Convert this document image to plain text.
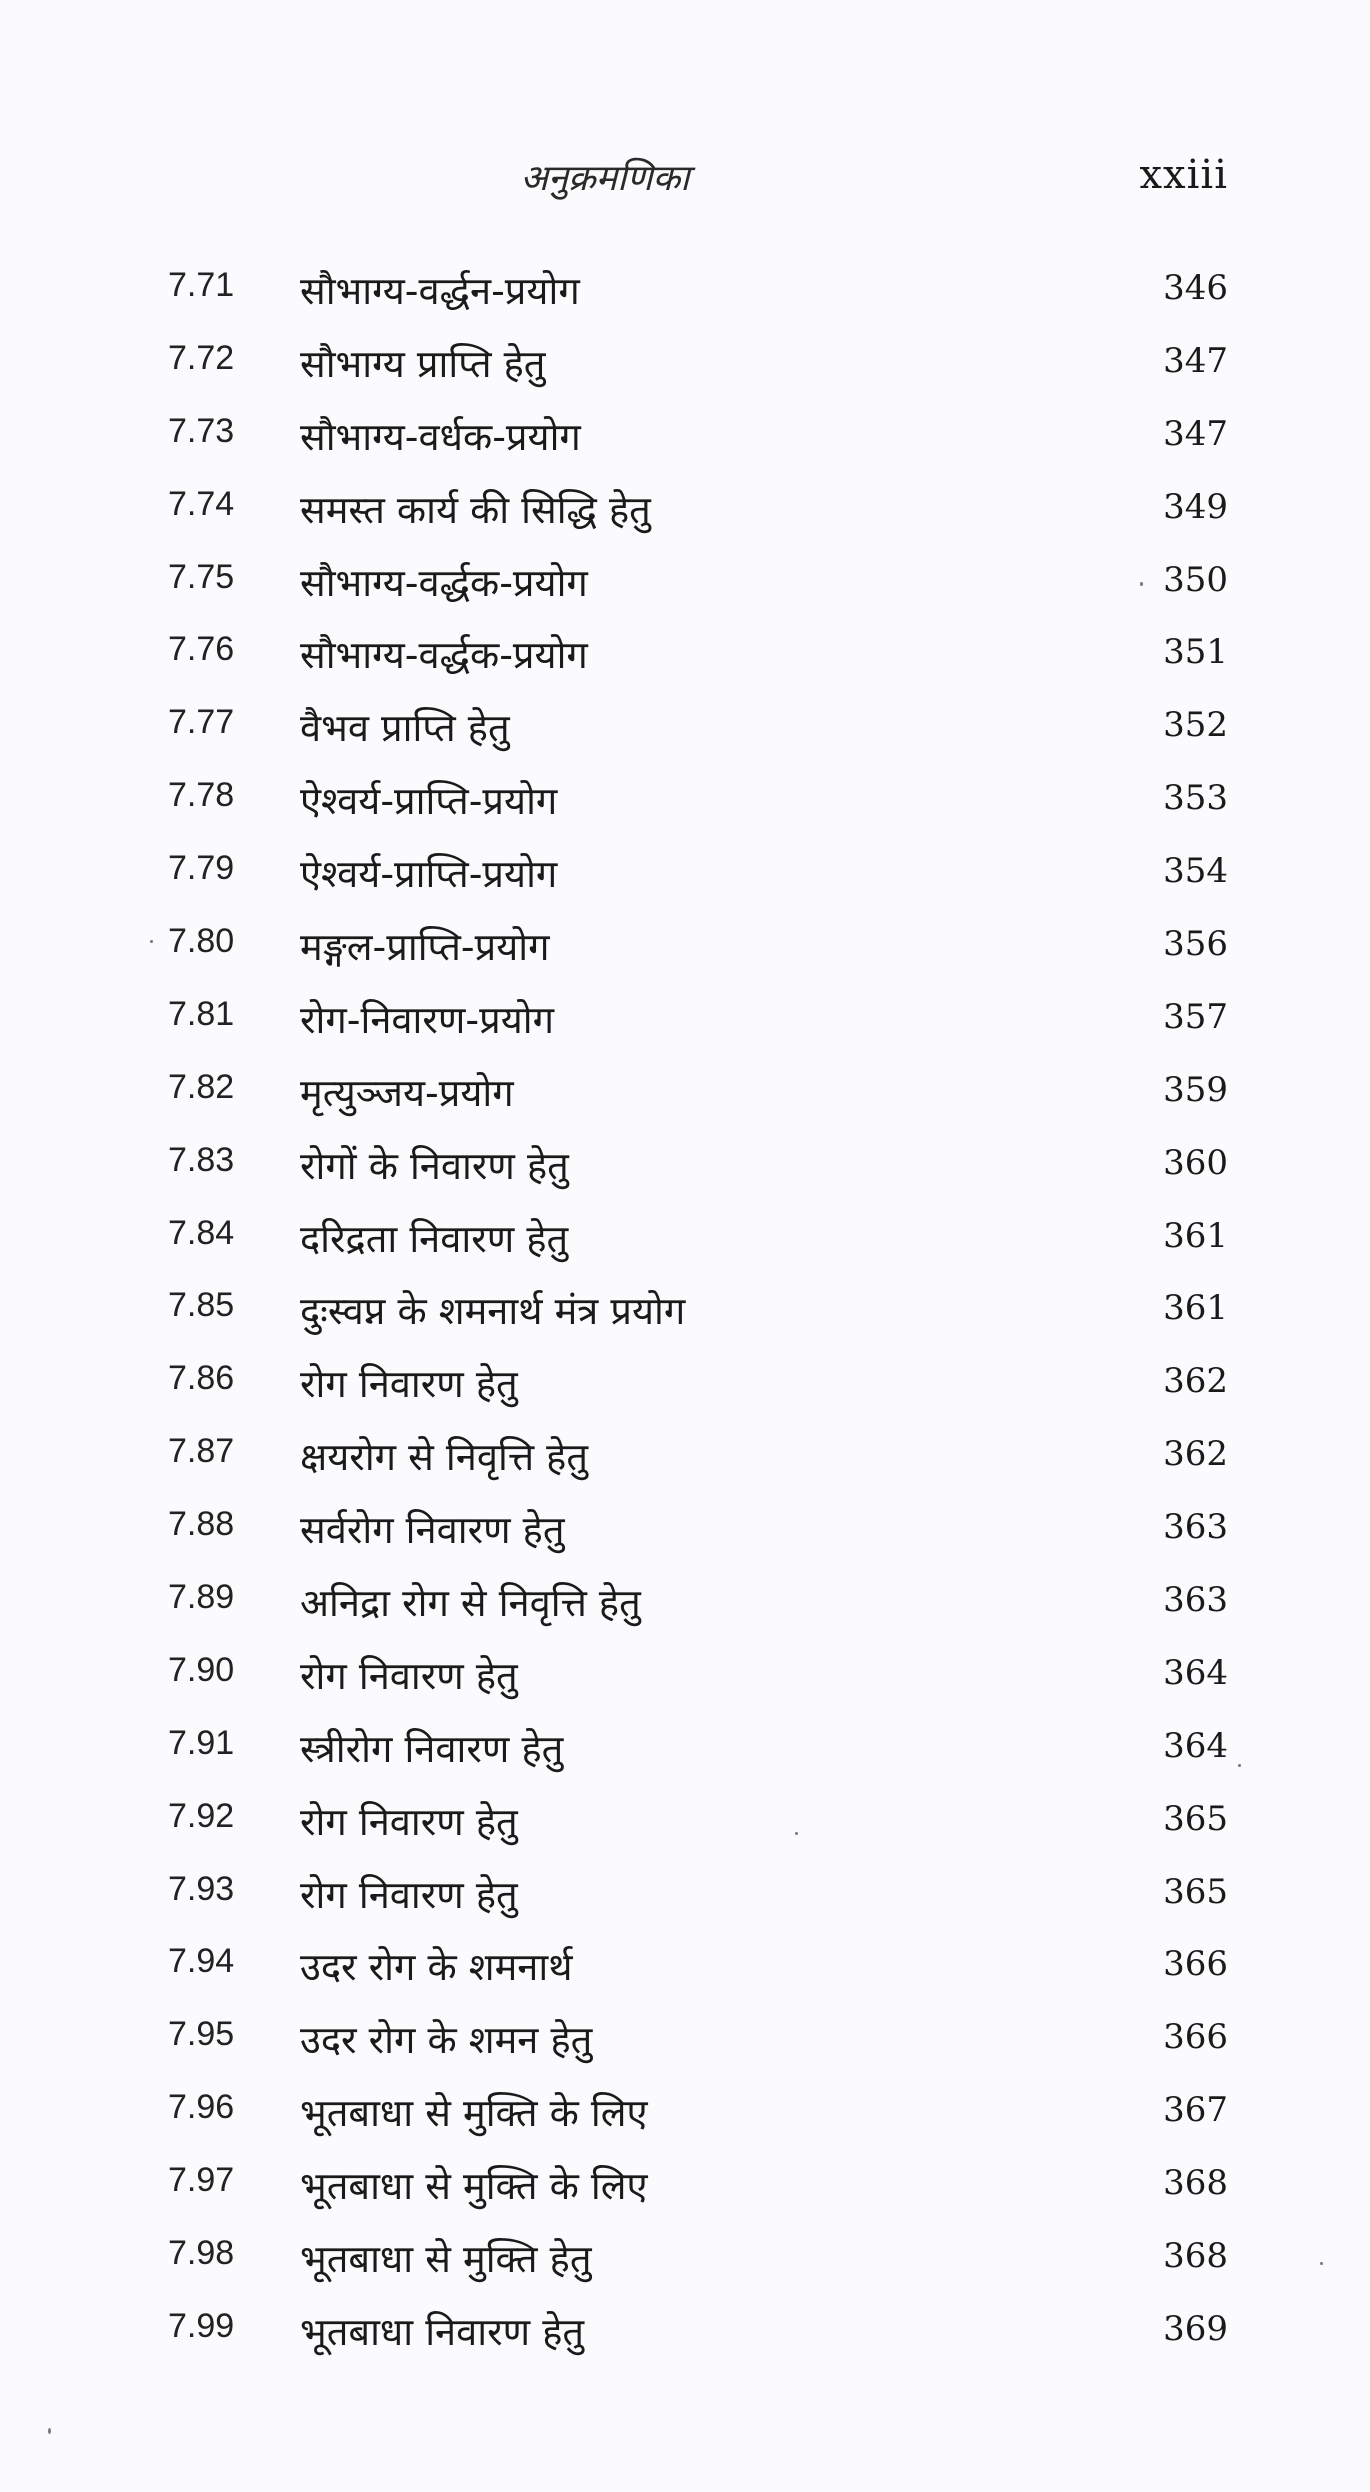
अनुक्रमणिका	xxiii
7.71 सौभाग्य-वर्द्धन-प्रयोग	346
7.72 सौभाग्य प्राप्ति हेतु	347
7.73 सौभाग्य-वर्धक-प्रयोग	347
7.74 समस्त कार्य की सिद्धि हेतु	349
7.75 सौभाग्य-वर्द्धक-प्रयोग	350
7.76 सौभाग्य-वर्द्धक-प्रयोग	351
7.77 वैभव प्राप्ति हेतु	352
7.78 ऐश्वर्य-प्राप्ति-प्रयोग	353
7.79 ऐश्वर्य-प्राप्ति-प्रयोग	354
7.80 मङ्गल-प्राप्ति-प्रयोग	356
7.81 रोग-निवारण-प्रयोग	357
7.82 मृत्युञ्जय-प्रयोग	359
7.83 रोगों के निवारण हेतु	360
7.84 दरिद्रता निवारण हेतु	361
7.85 दुःस्वप्न के शमनार्थ मंत्र प्रयोग	361
7.86 रोग निवारण हेतु	362
7.87 क्षयरोग से निवृत्ति हेतु	362
7.88 सर्वरोग निवारण हेतु	363
7.89 अनिद्रा रोग से निवृत्ति हेतु	363
7.90 रोग निवारण हेतु	364
7.91 स्त्रीरोग निवारण हेतु	364
7.92 रोग निवारण हेतु	365
7.93 रोग निवारण हेतु	365
7.94 उदर रोग के शमनार्थ	366
7.95 उदर रोग के शमन हेतु	366
7.96 भूतबाधा से मुक्ति के लिए	367
7.97 भूतबाधा से मुक्ति के लिए	368
7.98 भूतबाधा से मुक्ति हेतु	368
7.99 भूतबाधा निवारण हेतु	369
